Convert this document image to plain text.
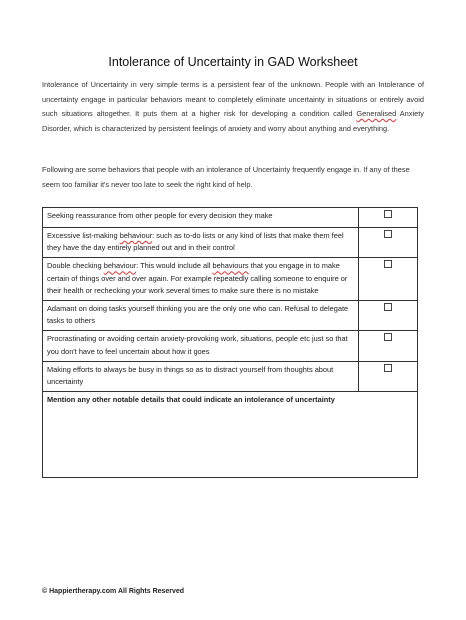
Intolerance of Uncertainty in GAD Worksheet
Intolerance of Uncertainty in very simple terms is a persistent fear of the unknown. People with an Intolerance of uncertainty engage in particular behaviors meant to completely eliminate uncertainty in situations or entirely avoid such situations altogether. It puts them at a higher risk for developing a condition called Generalised Anxiety Disorder, which is characterized by persistent feelings of anxiety and worry about anything and everything.
Following are some behaviors that people with an intolerance of Uncertainty frequently engage in. If any of these seem too familiar it's never too late to seek the right kind of help.
Seeking reassurance from other people for every decision they make	
Excessive list-making behaviour: such as to-do lists or any kind of lists that make them feel they have the day entirely planned out and in their control	
Double checking behaviour: This would include all behaviours that you engage in to make certain of things over and over again. For example repeatedly calling someone to enquire or their health or rechecking your work several times to make sure there is no mistake	
Adamant on doing tasks yourself thinking you are the only one who can. Refusal to delegate tasks to others	
Procrastinating or avoiding certain anxiety-provoking work, situations, people etc just so that you don't have to feel uncertain about how it goes	
Making efforts to always be busy in things so as to distract yourself from thoughts about uncertainty	

Mention any other notable details that could indicate an intolerance of uncertainty	
© Happiertherapy.com All Rights Reserved
